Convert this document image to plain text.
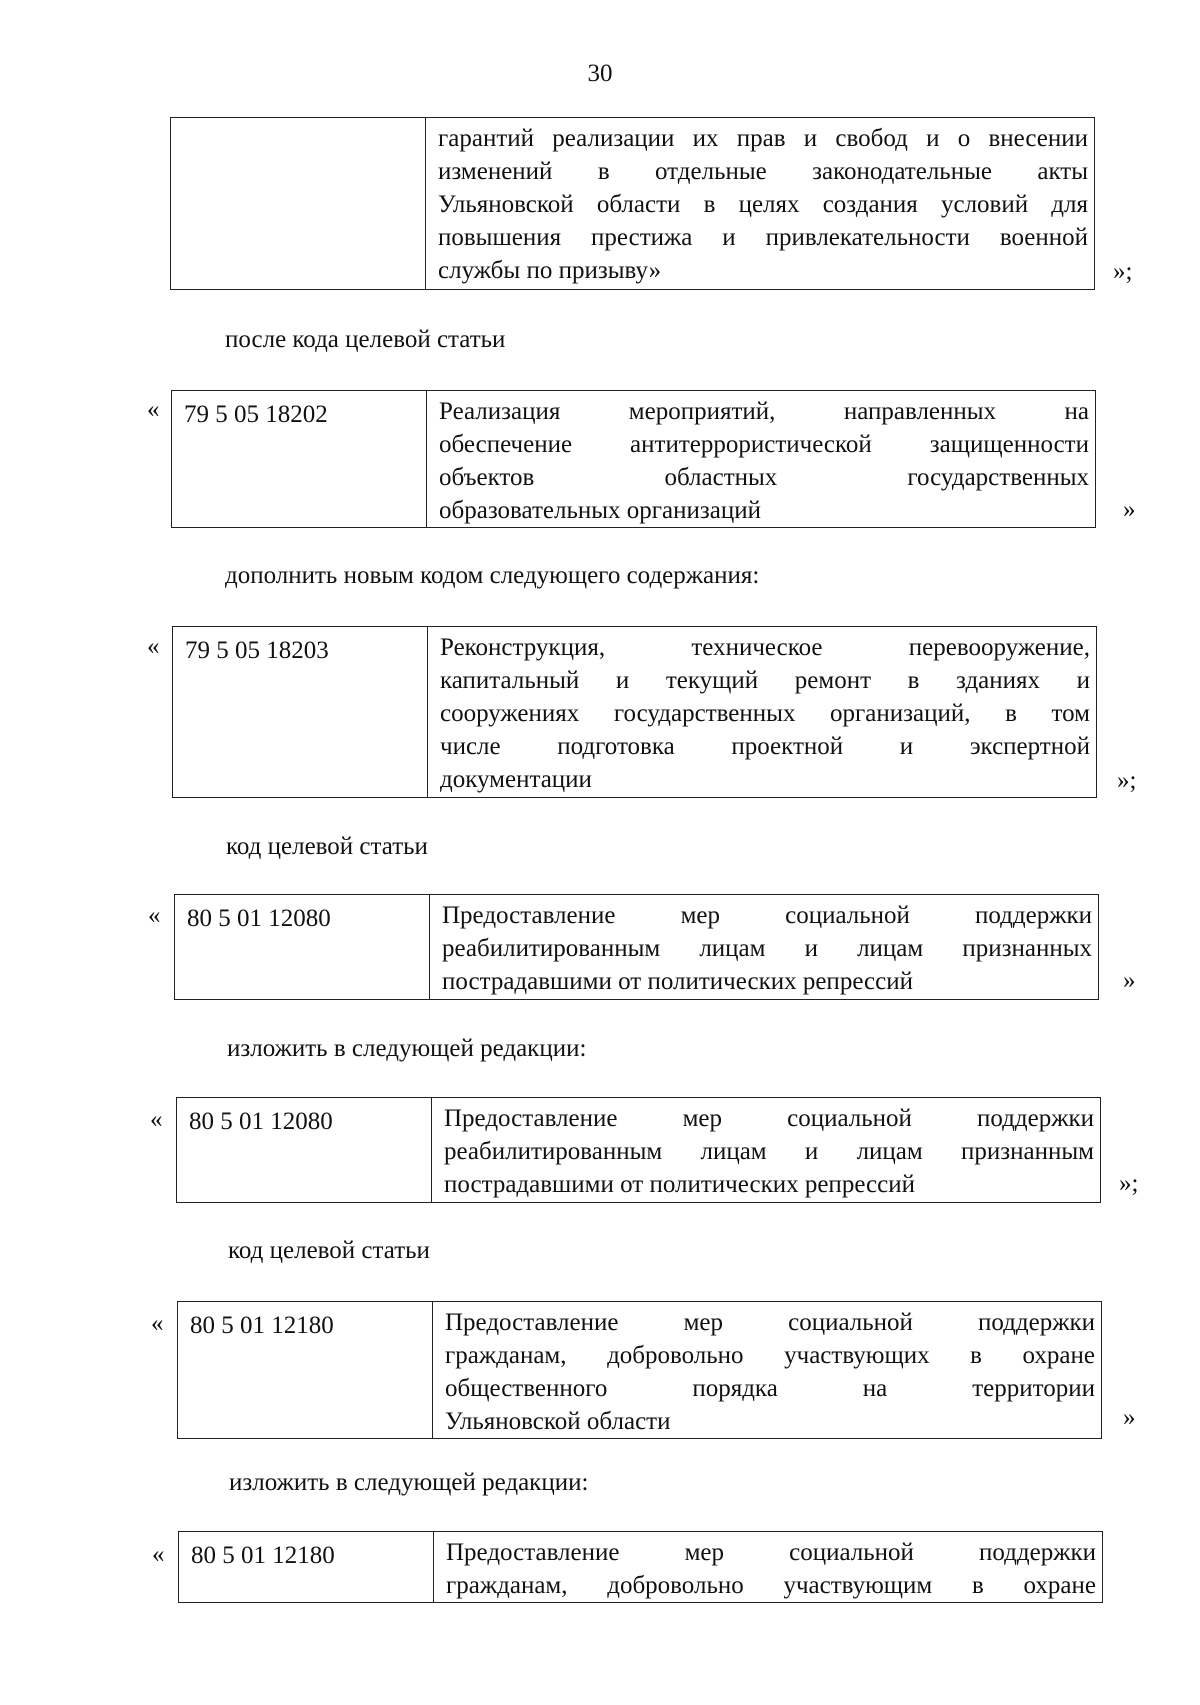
30
гарантий реализации их прав и свобод и о внесении
изменений в отдельные законодательные акты
Ульяновской области в целях создания условий для
повышения престижа и привлекательности военной
службы по призыву»	»;
после кода целевой статьи
« 79 5 05 18202	Реализация мероприятий, направленных на
обеспечение антитеррористической защищенности
объектов областных государственных
образовательных организаций	»
дополнить новым кодом следующего содержания:
«	79 5 05 18203	Реконструкция, техническое перевооружение,
капитальный и текущий ремонт в зданиях и
сооружениях государственных организаций, в том
числе подготовка проектной и экспертной
документации	»;
код целевой статьи
«	80 5 01 12080	Предоставление мер социальной поддержки
реабилитированным лицам и лицам признанных
пострадавшими от политических репрессий	»
изложить в следующей редакции:
«	80 5 01 12080	Предоставление мер социальной поддержки
реабилитированным лицам и лицам признанным
пострадавшими от политических репрессий	»;
код целевой статьи
«	80 5 01 12180	Предоставление мер социальной поддержки
гражданам, добровольно участвующих в охране
общественного порядка на территории
Ульяновской области	»
изложить в следующей редакции:
«	80 5 01 12180	Предоставление мер социальной поддержки
гражданам, добровольно участвующим в охране
